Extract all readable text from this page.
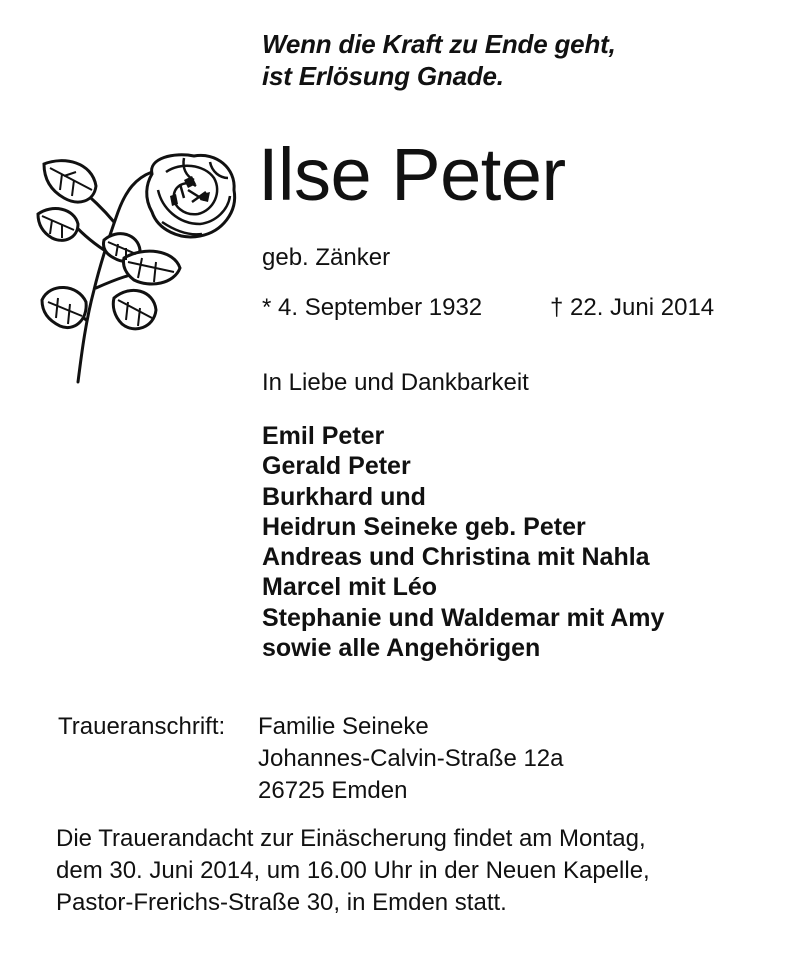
Wenn die Kraft zu Ende geht,
ist Erlösung Gnade.
Ilse Peter
geb. Zänker
* 4. September 1932	† 22. Juni 2014
In Liebe und Dankbarkeit
Emil Peter
Gerald Peter
Burkhard und
Heidrun Seineke geb. Peter
Andreas und Christina mit Nahla
Marcel mit Léo
Stephanie und Waldemar mit Amy
sowie alle Angehörigen
Traueranschrift: Familie Seineke
Johannes-Calvin-Straße 12a
26725 Emden
Die Trauerandacht zur Einäscherung findet am Montag,
dem 30. Juni 2014, um 16.00 Uhr in der Neuen Kapelle,
Pastor-Frerichs-Straße 30, in Emden statt.
